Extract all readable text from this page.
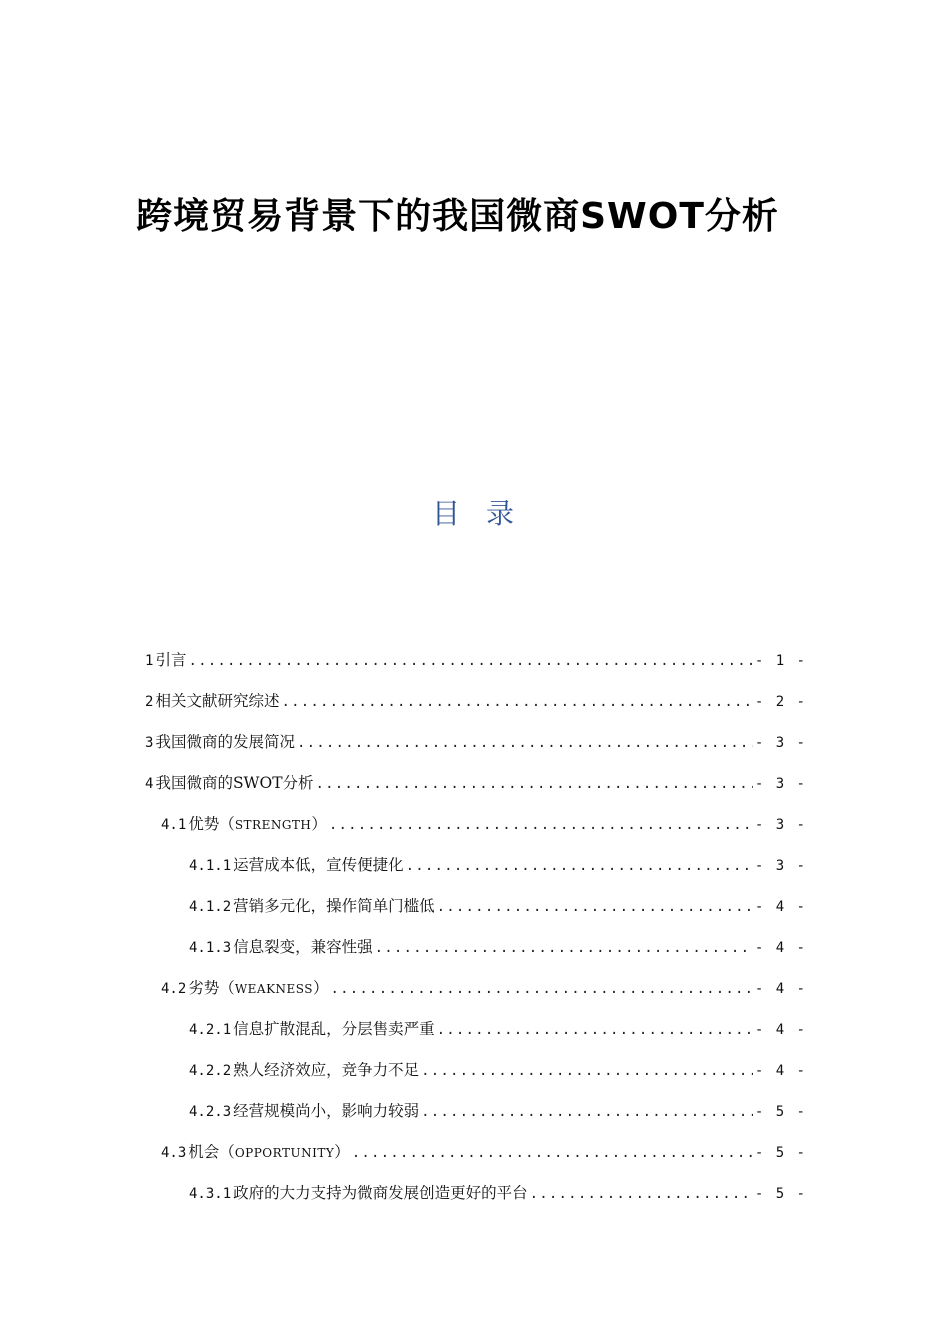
跨境贸易背景下的我国微商SWOT分析
目录
1 引言 .....	- 1 -
2 相关文献研究综述 .....	- 2 -
3 我国微商的发展简况 .....	- 3 -
4 我国微商的SWOT分析 .....	- 3 -
4.1 优势（ STRENGTH ） .....	- 3 -
4.1.1 运营成本低，宣传便捷化 .....	- 3 -
4.1.2 营销多元化，操作简单门槛低 .....	- 4 -
4.1.3 信息裂变，兼容性强 .....	- 4 -
4.2 劣势（ WEAKNESS ） .....	- 4 -
4.2.1 信息扩散混乱，分层售卖严重 .....	- 4 -
4.2.2 熟人经济效应，竞争力不足 .....	- 4 -
4.2.3 经营规模尚小，影响力较弱 .....	- 5 -
4.3 机会（ OPPORTUNITY ） .....	- 5 -
4.3.1 政府的大力支持为微商发展创造更好的平台 .....	- 5 -
